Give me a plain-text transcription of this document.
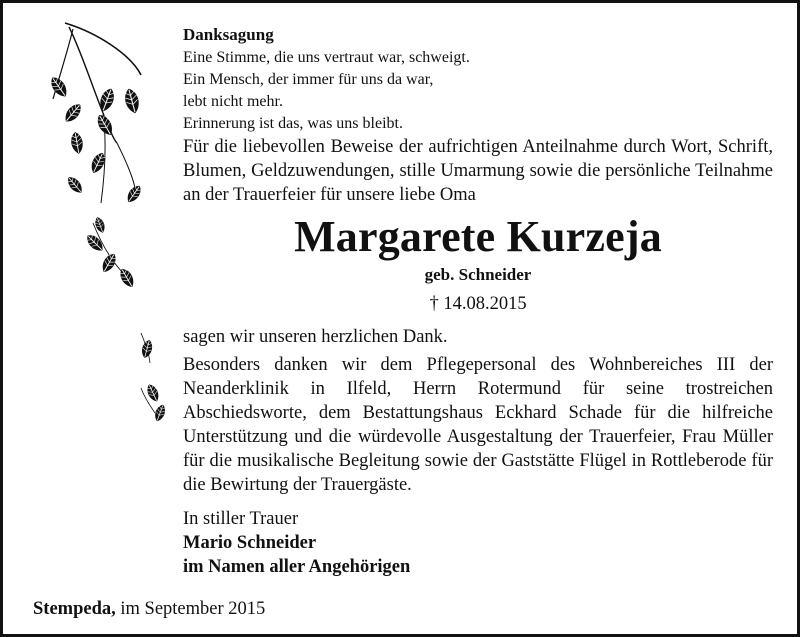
Danksagung
Eine Stimme, die uns vertraut war, schweigt.
Ein Mensch, der immer für uns da war,
lebt nicht mehr.
Erinnerung ist das, was uns bleibt.
Für die liebevollen Beweise der aufrichtigen Anteilnahme durch Wort, Schrift, Blumen, Geldzuwendungen, stille Umarmung sowie die persönliche Teilnahme an der Trauerfeier für unsere liebe Oma
Margarete Kurzeja
geb. Schneider
† 14.08.2015
sagen wir unseren herzlichen Dank.
Besonders danken wir dem Pflegepersonal des Wohnbereiches III der Neanderklinik in Ilfeld, Herrn Rotermund für seine trostreichen Abschiedsworte, dem Bestattungshaus Eckhard Schade für die hilfreiche Unterstützung und die würdevolle Ausgestaltung der Trauerfeier, Frau Müller für die musikalische Begleitung sowie der Gaststätte Flügel in Rottleberode für die Bewirtung der Trauergäste.
In stiller Trauer
Mario Schneider
im Namen aller Angehörigen
Stempeda, im September 2015
